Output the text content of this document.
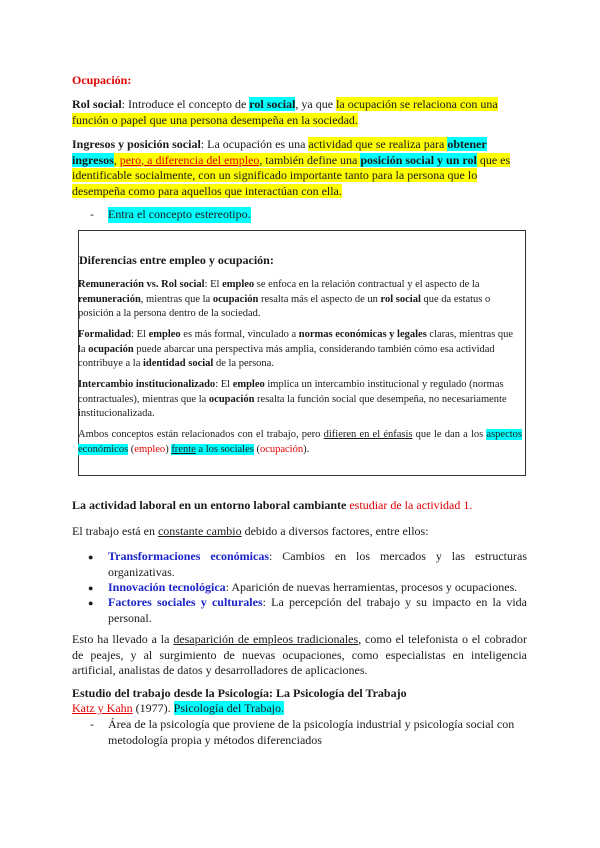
Ocupación:
Rol social: Introduce el concepto de rol social, ya que la ocupación se relaciona con una función o papel que una persona desempeña en la sociedad.
Ingresos y posición social: La ocupación es una actividad que se realiza para obtener ingresos, pero, a diferencia del empleo, también define una posición social y un rol que es identificable socialmente, con un significado importante tanto para la persona que lo desempeña como para aquellos que interactúan con ella.
- Entra el concepto estereotipo.
Diferencias entre empleo y ocupación:
Remuneración vs. Rol social: El empleo se enfoca en la relación contractual y el aspecto de la remuneración, mientras que la ocupación resalta más el aspecto de un rol social que da estatus o posición a la persona dentro de la sociedad.
Formalidad: El empleo es más formal, vinculado a normas económicas y legales claras, mientras que la ocupación puede abarcar una perspectiva más amplia, considerando también cómo esa actividad contribuye a la identidad social de la persona.
Intercambio institucionalizado: El empleo implica un intercambio institucional y regulado (normas contractuales), mientras que la ocupación resalta la función social que desempeña, no necesariamente institucionalizada.
Ambos conceptos están relacionados con el trabajo, pero difieren en el énfasis que le dan a los aspectos económicos (empleo) frente a los sociales (ocupación).
La actividad laboral en un entorno laboral cambiante estudiar de la actividad 1.
El trabajo está en constante cambio debido a diversos factores, entre ellos:
● Transformaciones económicas: Cambios en los mercados y las estructuras organizativas.
● Innovación tecnológica: Aparición de nuevas herramientas, procesos y ocupaciones.
● Factores sociales y culturales: La percepción del trabajo y su impacto en la vida personal.
Esto ha llevado a la desaparición de empleos tradicionales, como el telefonista o el cobrador de peajes, y al surgimiento de nuevas ocupaciones, como especialistas en inteligencia artificial, analistas de datos y desarrolladores de aplicaciones.
Estudio del trabajo desde la Psicología: La Psicología del Trabajo
Katz y Kahn (1977). Psicología del Trabajo.
- Área de la psicología que proviene de la psicología industrial y psicología social con metodología propia y métodos diferenciados
